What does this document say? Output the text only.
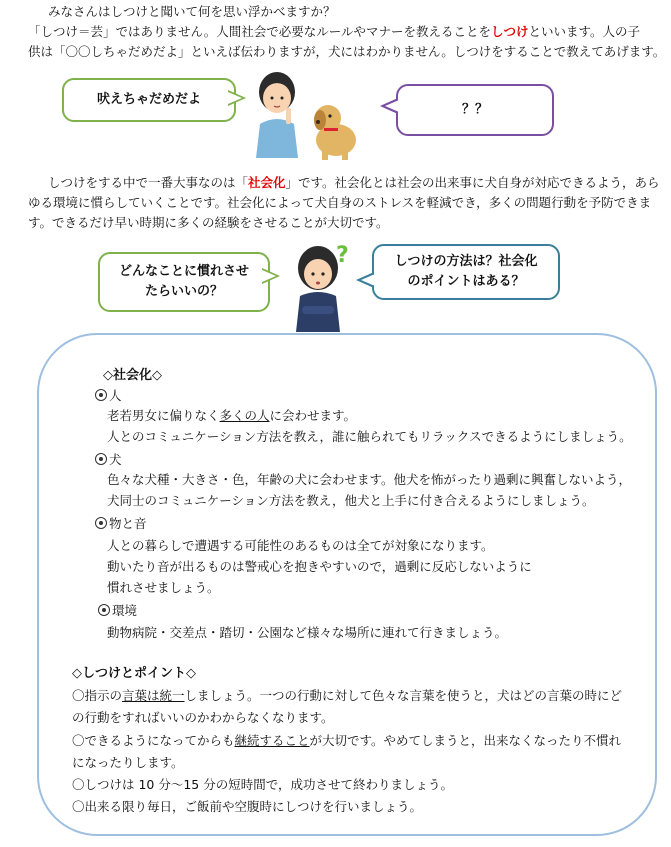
みなさんはしつけと聞いて何を思い浮かべますか？
「しつけ＝芸」ではありません。人間社会で必要なルールやマナーを教えることをしつけといいます。人の子
供は「〇〇しちゃだめだよ」といえば伝わりますが，犬にはわかりません。しつけをすることで教えてあげます。
吠えちゃだめだよ
？？
しつけをする中で一番大事なのは「社会化」です。社会化とは社会の出来事に犬自身が対応できるよう，あら
ゆる環境に慣らしていくことです。社会化によって犬自身のストレスを軽減でき，多くの問題行動を予防できま
す。できるだけ早い時期に多くの経験をさせることが大切です。
どんなことに慣れさせ
たらいいの？
?	しつけの方法は？社会化
のポイントはある？
◇社会化◇
人
老若男女に偏りなく多くの人に会わせます。
人とのコミュニケーション方法を教え，誰に触られてもリラックスできるようにしましょう。
犬
色々な犬種・大きさ・色，年齢の犬に会わせます。他犬を怖がったり過剰に興奮しないよう，
犬同士のコミュニケーション方法を教え，他犬と上手に付き合えるようにしましょう。
物と音
人との暮らしで遭遇する可能性のあるものは全てが対象になります。
動いたり音が出るものは警戒心を抱きやすいので，過剰に反応しないように
慣れさせましょう。
環境
動物病院・交差点・踏切・公園など様々な場所に連れて行きましょう。
◇しつけとポイント◇
〇指示の言葉は統一しましょう。一つの行動に対して色々な言葉を使うと，犬はどの言葉の時にど
の行動をすればいいのかわからなくなります。
〇できるようになってからも継続することが大切です。やめてしまうと，出来なくなったり不慣れ
になったりします。
〇しつけは 10 分～15 分の短時間で，成功させて終わりましょう。
〇出来る限り毎日，ご飯前や空腹時にしつけを行いましょう。
